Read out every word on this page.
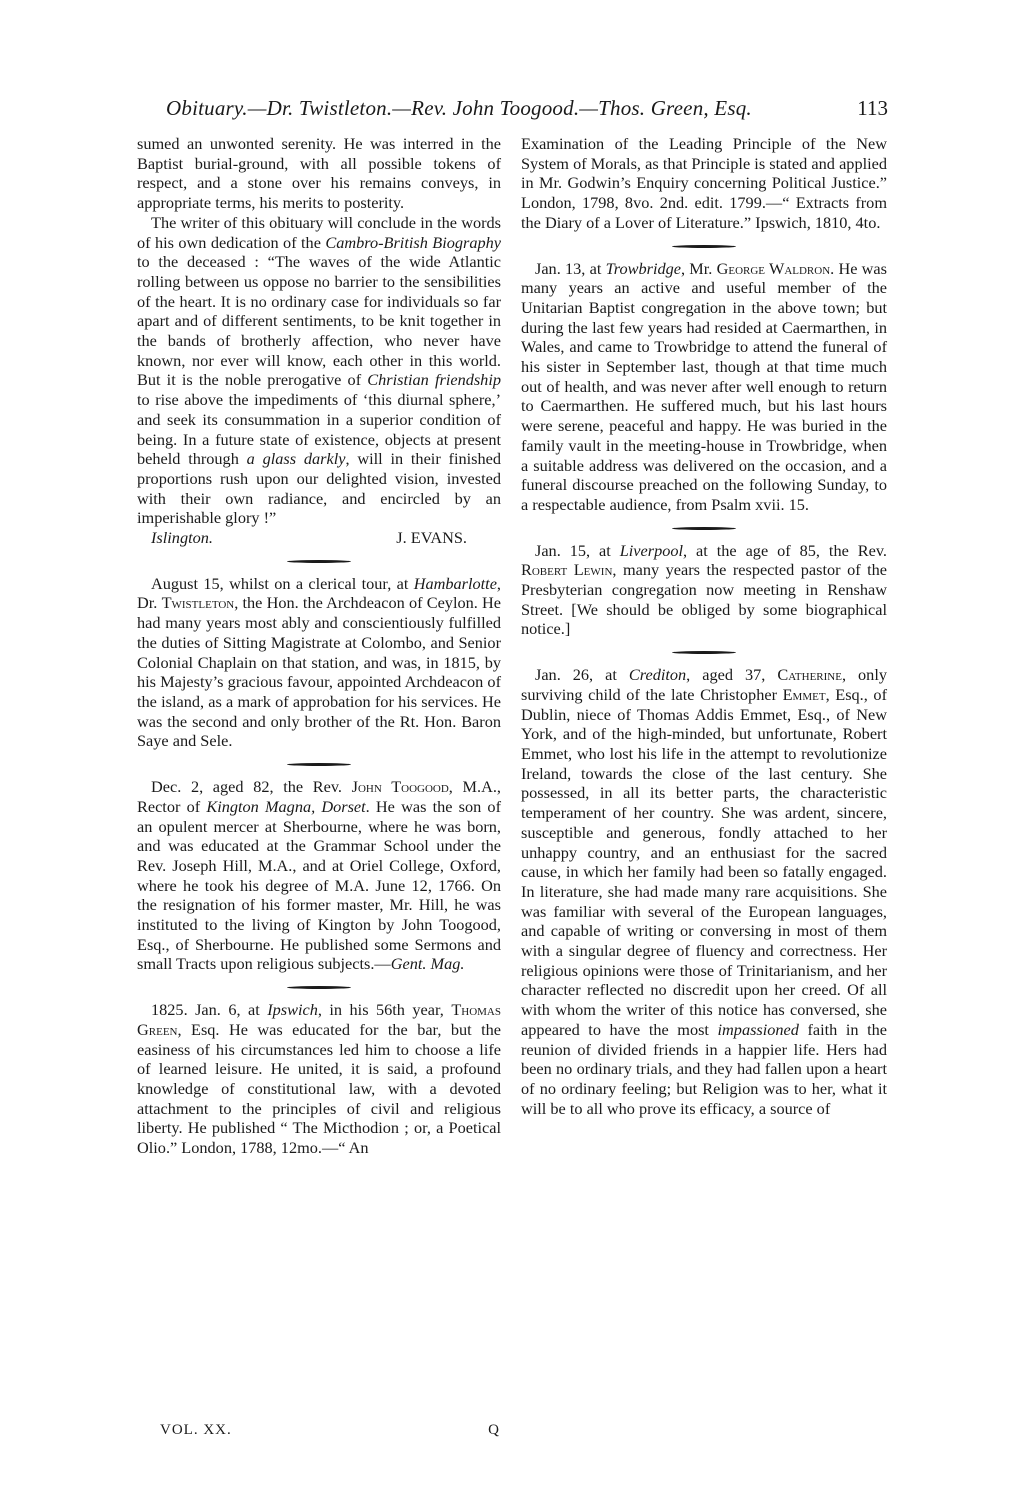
Obituary.—Dr. Twistleton.—Rev. John Toogood.—Thos. Green, Esq.	113

sumed an unwonted serenity. He was interred in the Baptist burial-ground, with all possible tokens of respect, and a stone over his remains conveys, in appropriate terms, his merits to posterity.

The writer of this obituary will conclude in the words of his own dedication of the Cambro-British Biography to the deceased : “The waves of the wide Atlantic rolling between us oppose no barrier to the sensibilities of the heart. It is no ordinary case for individuals so far apart and of different sentiments, to be knit together in the bands of brotherly affection, who never have known, nor ever will know, each other in this world. But it is the noble prerogative of Christian friendship to rise above the impediments of ‘this diurnal sphere,’ and seek its consummation in a superior condition of being. In a future state of existence, objects at present beheld through a glass darkly, will in their finished proportions rush upon our delighted vision, invested with their own radiance, and encircled by an imperishable glory !”

Islington.	J. EVANS.

August 15, whilst on a clerical tour, at Hambarlotte, Dr. Twistleton, the Hon. the Archdeacon of Ceylon. He had many years most ably and conscientiously fulfilled the duties of Sitting Magistrate at Colombo, and Senior Colonial Chaplain on that station, and was, in 1815, by his Majesty’s gracious favour, appointed Archdeacon of the island, as a mark of approbation for his services. He was the second and only brother of the Rt. Hon. Baron Saye and Sele.

Dec. 2, aged 82, the Rev. John Toogood, M.A., Rector of Kington Magna, Dorset. He was the son of an opulent mercer at Sherbourne, where he was born, and was educated at the Grammar School under the Rev. Joseph Hill, M.A., and at Oriel College, Oxford, where he took his degree of M.A. June 12, 1766. On the resignation of his former master, Mr. Hill, he was instituted to the living of Kington by John Toogood, Esq., of Sherbourne. He published some Sermons and small Tracts upon religious subjects.—Gent. Mag.

1825. Jan. 6, at Ipswich, in his 56th year, Thomas Green, Esq. He was educated for the bar, but the easiness of his circumstances led him to choose a life of learned leisure. He united, it is said, a profound knowledge of constitutional law, with a devoted attachment to the principles of civil and religious liberty. He published “ The Micthodion ; or, a Poetical Olio.” London, 1788, 12mo.—“ An

Examination of the Leading Principle of the New System of Morals, as that Principle is stated and applied in Mr. Godwin’s Enquiry concerning Political Justice.” London, 1798, 8vo. 2nd. edit. 1799.—“ Extracts from the Diary of a Lover of Literature.” Ipswich, 1810, 4to.

Jan. 13, at Trowbridge, Mr. George Waldron. He was many years an active and useful member of the Unitarian Baptist congregation in the above town; but during the last few years had resided at Caermarthen, in Wales, and came to Trowbridge to attend the funeral of his sister in September last, though at that time much out of health, and was never after well enough to return to Caermarthen. He suffered much, but his last hours were serene, peaceful and happy. He was buried in the family vault in the meeting-house in Trowbridge, when a suitable address was delivered on the occasion, and a funeral discourse preached on the following Sunday, to a respectable audience, from Psalm xvii. 15.

Jan. 15, at Liverpool, at the age of 85, the Rev. Robert Lewin, many years the respected pastor of the Presbyterian congregation now meeting in Renshaw Street. [We should be obliged by some biographical notice.]

Jan. 26, at Crediton, aged 37, Catherine, only surviving child of the late Christopher Emmet, Esq., of Dublin, niece of Thomas Addis Emmet, Esq., of New York, and of the high-minded, but unfortunate, Robert Emmet, who lost his life in the attempt to revolutionize Ireland, towards the close of the last century. She possessed, in all its better parts, the characteristic temperament of her country. She was ardent, sincere, susceptible and generous, fondly attached to her unhappy country, and an enthusiast for the sacred cause, in which her family had been so fatally engaged. In literature, she had made many rare acquisitions. She was familiar with several of the European languages, and capable of writing or conversing in most of them with a singular degree of fluency and correctness. Her religious opinions were those of Trinitarianism, and her character reflected no discredit upon her creed. Of all with whom the writer of this notice has conversed, she appeared to have the most impassioned faith in the reunion of divided friends in a happier life. Hers had been no ordinary trials, and they had fallen upon a heart of no ordinary feeling; but Religion was to her, what it will be to all who prove its efficacy, a source of

VOL. XX.	Q
